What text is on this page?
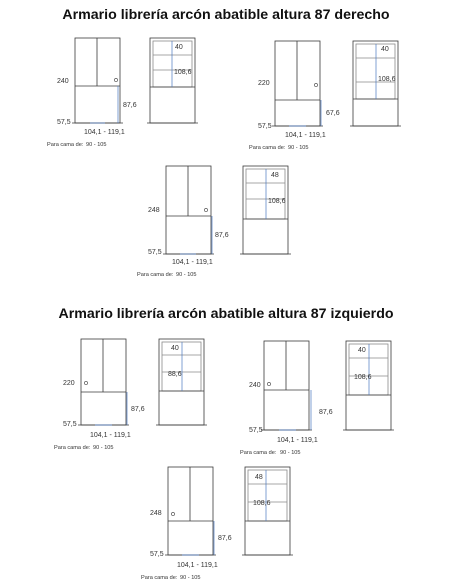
Armario librería arcón abatible altura 87 derecho
Armario librería arcón abatible altura 87 izquierdo
240
57,5
87,6
104,1 - 119,1
Para cama de: 90 - 105
40
108,6
220
57,5
67,6
104,1 - 119,1
Para cama de: 90 - 105
40
108,6
248
57,5
87,6
104,1 - 119,1
Para cama de: 90 - 105
48
108,6
220
57,5
87,6
104,1 - 119,1
Para cama de: 90 - 105
40
88,6
240
57,5
87,6
104,1 - 119,1
Para cama de: 90 - 105
40
108,6
248
57,5
87,6
104,1 - 119,1
Para cama de: 90 - 105
48
108,6
